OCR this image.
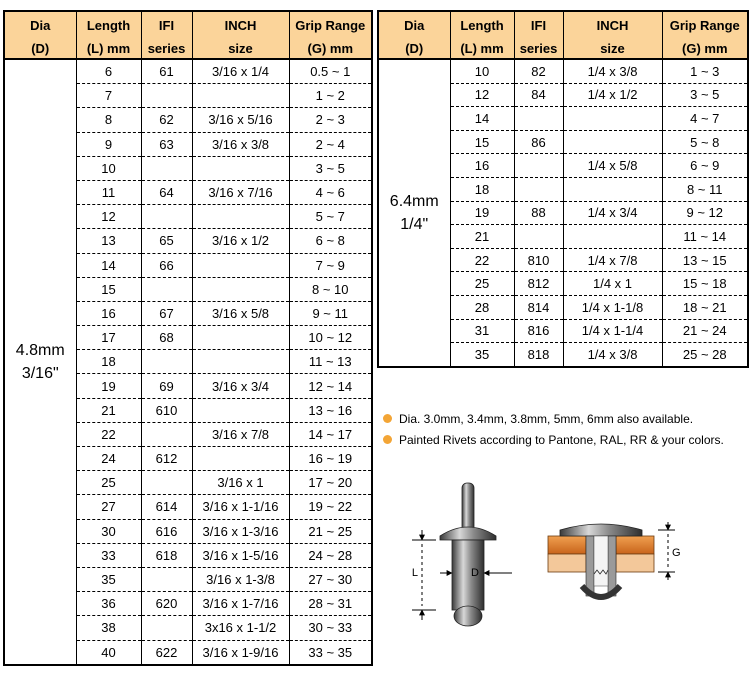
Dia	Length	IFI	INCH	Grip Range
(D)	(L) mm	series	size	(G) mm

4.8mm
3/16"	6	61	3/16 x 1/4	0.5 ~ 1
	7			1 ~ 2
	8	62	3/16 x 5/16	2 ~ 3
	9	63	3/16 x 3/8	2 ~ 4
	10			3 ~ 5
	11	64	3/16 x 7/16	4 ~ 6
	12			5 ~ 7
	13	65	3/16 x 1/2	6 ~ 8
	14	66		7 ~ 9
	15			8 ~ 10
	16	67	3/16 x 5/8	9 ~ 11
	17	68		10 ~ 12
	18			11 ~ 13
	19	69	3/16 x 3/4	12 ~ 14
	21	610		13 ~ 16
	22		3/16 x 7/8	14 ~ 17
	24	612		16 ~ 19
	25		3/16 x 1	17 ~ 20
	27	614	3/16 x 1-1/16	19 ~ 22
	30	616	3/16 x 1-3/16	21 ~ 25
	33	618	3/16 x 1-5/16	24 ~ 28
	35		3/16 x 1-3/8	27 ~ 30
	36	620	3/16 x 1-7/16	28 ~ 31
	38		3x16 x 1-1/2	30 ~ 33
	40	622	3/16 x 1-9/16	33 ~ 35
Dia	Length	IFI	INCH	Grip Range
(D)	(L) mm	series	size	(G) mm

6.4mm
1/4"	10	82	1/4 x 3/8	1 ~ 3
	12	84	1/4 x 1/2	3 ~ 5
	14			4 ~ 7
	15	86		5 ~ 8
	16		1/4 x 5/8	6 ~ 9
	18			8 ~ 11
	19	88	1/4 x 3/4	9 ~ 12
	21			11 ~ 14
	22	810	1/4 x 7/8	13 ~ 15
	25	812	1/4 x 1	15 ~ 18
	28	814	1/4 x 1-1/8	18 ~ 21
	31	816	1/4 x 1-1/4	21 ~ 24
	35	818	1/4 x 3/8	25 ~ 28
Dia. 3.0mm, 3.4mm, 3.8mm, 5mm, 6mm also available.
Painted Rivets according to Pantone, RAL, RR & your colors.
D
L
G
